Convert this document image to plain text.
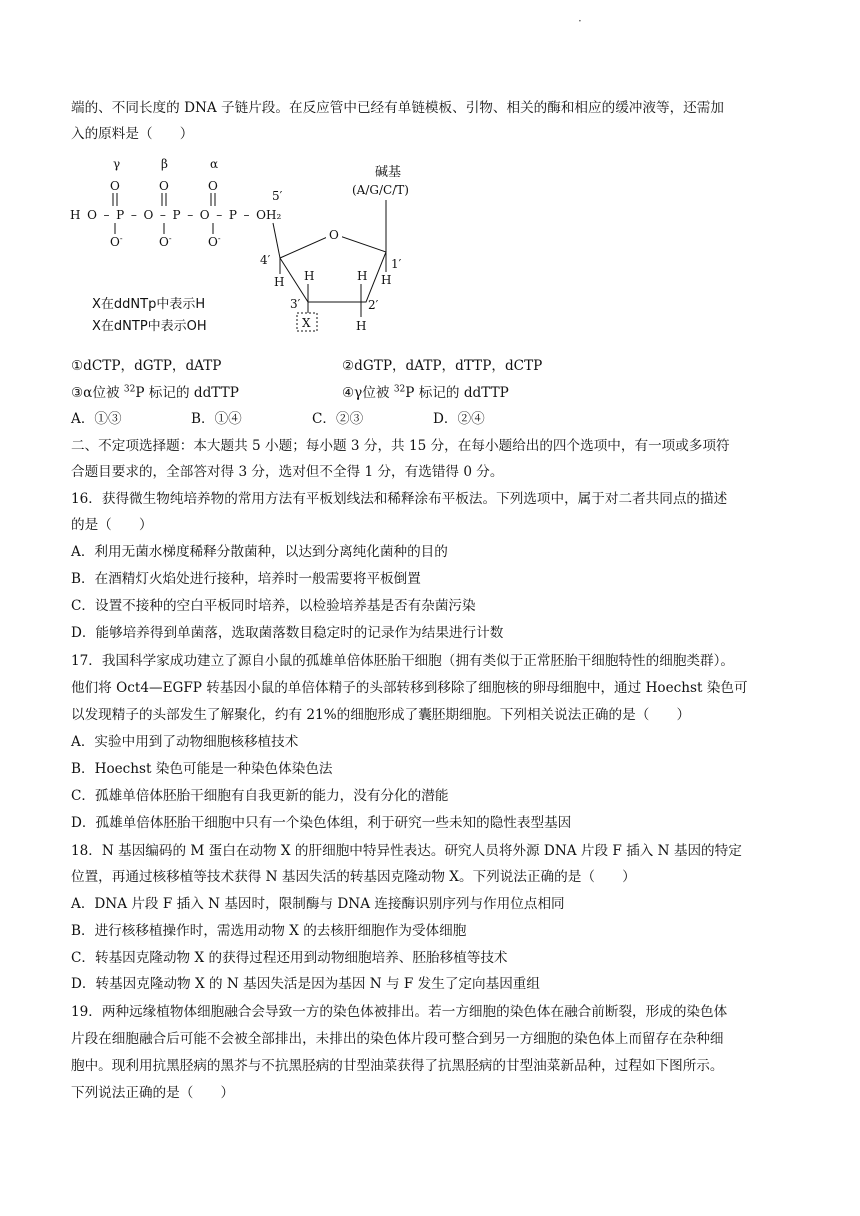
·
端的、不同长度的 DNA 子链片段。在反应管中已经有单链模板、引物、相关的酶和相应的缓冲液等，还需加
入的原料是（　　）
γ	β	α
O	O	O
HO–P–O–P–O–P–O H₂
O-	O-	O-
5′
碱基
(A/G/C/T)
O
4′	1′
H	H
H	H
3′	2′
X	H
X在ddNTp中表示H
X在dNTP中表示OH
①dCTP，dGTP，dATP	②dGTP，dATP，dTTP，dCTP
③α位被 $^{32}$P 标记的 ddTTP	④γ位被 $^{32}$P 标记的 ddTTP
A．①③	B．①④	C．②③	D．②④
二、不定项选择题：本大题共 5 小题；每小题 3 分，共 15 分，在每小题给出的四个选项中，有一项或多项符
合题目要求的，全部答对得 3 分，选对但不全得 1 分，有选错得 0 分。
16．获得微生物纯培养物的常用方法有平板划线法和稀释涂布平板法。下列选项中，属于对二者共同点的描述
的是（　　）
A．利用无菌水梯度稀释分散菌种，以达到分离纯化菌种的目的
B．在酒精灯火焰处进行接种，培养时一般需要将平板倒置
C．设置不接种的空白平板同时培养，以检验培养基是否有杂菌污染
D．能够培养得到单菌落，选取菌落数目稳定时的记录作为结果进行计数
17．我国科学家成功建立了源自小鼠的孤雄单倍体胚胎干细胞（拥有类似于正常胚胎干细胞特性的细胞类群）。
他们将 Oct4—EGFP 转基因小鼠的单倍体精子的头部转移到移除了细胞核的卵母细胞中，通过 Hoechst 染色可
以发现精子的头部发生了解聚化，约有 21%的细胞形成了囊胚期细胞。下列相关说法正确的是（　　）
A．实验中用到了动物细胞核移植技术
B．Hoechst 染色可能是一种染色体染色法
C．孤雄单倍体胚胎干细胞有自我更新的能力，没有分化的潜能
D．孤雄单倍体胚胎干细胞中只有一个染色体组，利于研究一些未知的隐性表型基因
18．N 基因编码的 M 蛋白在动物 X 的肝细胞中特异性表达。研究人员将外源 DNA 片段 F 插入 N 基因的特定
位置，再通过核移植等技术获得 N 基因失活的转基因克隆动物 X。下列说法正确的是（　　）
A．DNA 片段 F 插入 N 基因时，限制酶与 DNA 连接酶识别序列与作用位点相同
B．进行核移植操作时，需选用动物 X 的去核肝细胞作为受体细胞
C．转基因克隆动物 X 的获得过程还用到动物细胞培养、胚胎移植等技术
D．转基因克隆动物 X 的 N 基因失活是因为基因 N 与 F 发生了定向基因重组
19．两种远缘植物体细胞融合会导致一方的染色体被排出。若一方细胞的染色体在融合前断裂，形成的染色体
片段在细胞融合后可能不会被全部排出，未排出的染色体片段可整合到另一方细胞的染色体上而留存在杂种细
胞中。现利用抗黑胫病的黑芥与不抗黑胫病的甘型油菜获得了抗黑胫病的甘型油菜新品种，过程如下图所示。
下列说法正确的是（　　）
